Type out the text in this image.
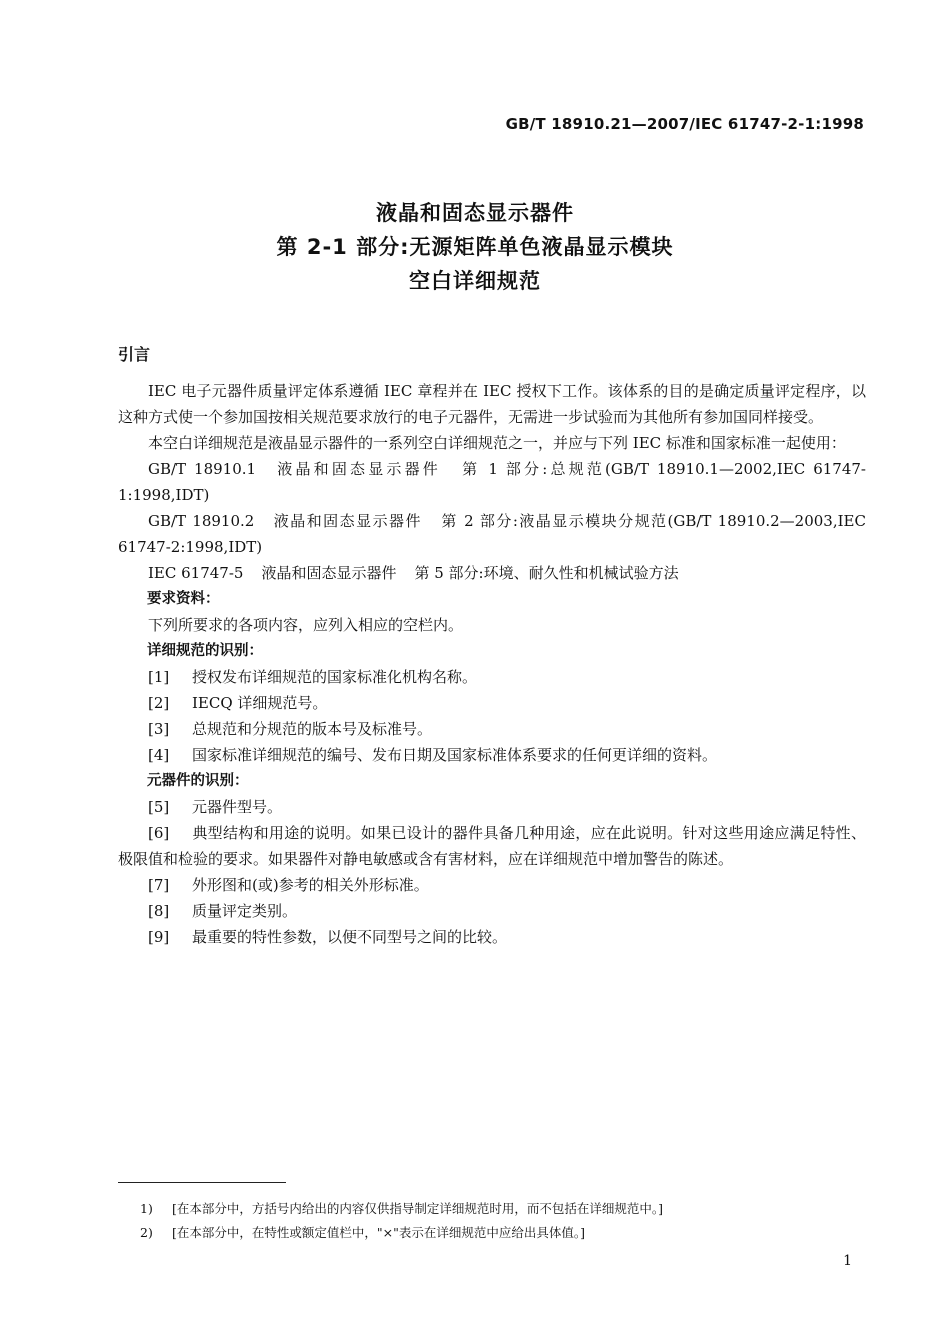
GB/T 18910.21—2007/IEC 61747-2-1:1998
液晶和固态显示器件
第 2-1 部分:无源矩阵单色液晶显示模块
空白详细规范
引言

IEC 电子元器件质量评定体系遵循 IEC 章程并在 IEC 授权下工作。该体系的目的是确定质量评定程序，以这种方式使一个参加国按相关规范要求放行的电子元器件，无需进一步试验而为其他所有参加国同样接受。

本空白详细规范是液晶显示器件的一系列空白详细规范之一，并应与下列 IEC 标准和国家标准一起使用：

GB/T 18910.1 液晶和固态显示器件 第 1 部分:总规范(GB/T 18910.1—2002,IEC 61747-1:1998,IDT)

GB/T 18910.2 液晶和固态显示器件 第 2 部分:液晶显示模块分规范(GB/T 18910.2—2003,IEC 61747-2:1998,IDT)

IEC 61747-5 液晶和固态显示器件 第 5 部分:环境、耐久性和机械试验方法

要求资料：

下列所要求的各项内容，应列入相应的空栏内。

详细规范的识别：

[1] 授权发布详细规范的国家标准化机构名称。

[2] IECQ 详细规范号。

[3] 总规范和分规范的版本号及标准号。

[4] 国家标准详细规范的编号、发布日期及国家标准体系要求的任何更详细的资料。

元器件的识别：

[5] 元器件型号。

[6] 典型结构和用途的说明。如果已设计的器件具备几种用途，应在此说明。针对这些用途应满足特性、极限值和检验的要求。如果器件对静电敏感或含有害材料，应在详细规范中增加警告的陈述。

[7] 外形图和(或)参考的相关外形标准。

[8] 质量评定类别。

[9] 最重要的特性参数，以便不同型号之间的比较。

1) [在本部分中，方括号内给出的内容仅供指导制定详细规范时用，而不包括在详细规范中。]
2) [在本部分中，在特性或额定值栏中，"×"表示在详细规范中应给出具体值。]
1
